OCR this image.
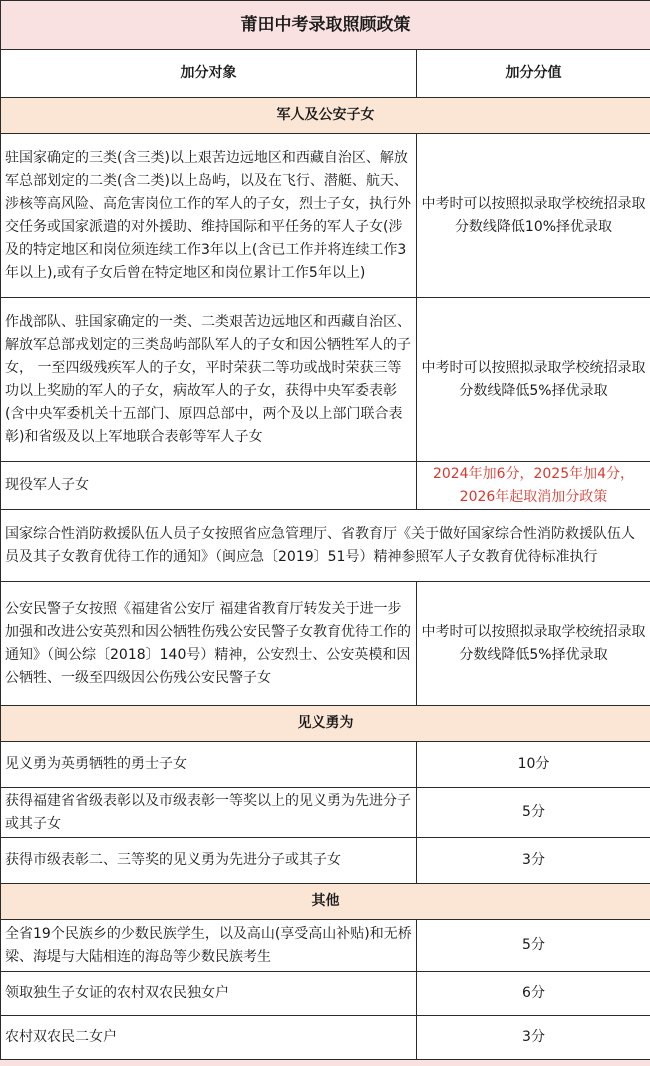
莆田中考录取照顾政策	
加分对象	加分分值
军人及公安子女	
驻国家确定的三类(含三类)以上艰苦边远地区和西藏自治区、解放军总部划定的二类(含二类)以上岛屿，以及在飞行、潜艇、航天、涉核等高风险、高危害岗位工作的军人的子女，烈士子女，执行外交任务或国家派遣的对外援助、维持国际和平任务的军人子女(涉及的特定地区和岗位须连续工作3年以上(含已工作并将连续工作3年以上),或有子女后曾在特定地区和岗位累计工作5年以上)	中考时可以按照拟录取学校统招录取分数线降低10%择优录取
作战部队、驻国家确定的一类、二类艰苦边远地区和西藏自治区、解放军总部戎划定的三类岛屿部队军人的子女和因公牺牲军人的子女， 一至四级残疾军人的子女，平时荣获二等功或战时荣获三等功以上奖励的军人的子女，病故军人的子女，获得中央军委表彰(含中央军委机关十五部门、原四总部中，两个及以上部门联合表彰)和省级及以上军地联合表彰等军人子女	中考时可以按照拟录取学校统招录取分数线降低5%择优录取
现役军人子女	2024年加6分，2025年加4分，2026年起取消加分政策
国家综合性消防救援队伍人员子女按照省应急管理厅、省教育厅《关于做好国家综合性消防救援队伍人员及其子女教育优待工作的通知》（闽应急〔2019〕51号）精神参照军人子女教育优待标准执行	
公安民警子女按照《福建省公安厅 福建省教育厅转发关于进一步加强和改进公安英烈和因公牺牲伤残公安民警子女教育优待工作的通知》（闽公综〔2018〕140号）精神，公安烈士、公安英模和因公牺牲、一级至四级因公伤残公安民警子女	中考时可以按照拟录取学校统招录取分数线降低5%择优录取
见义勇为	
见义勇为英勇牺牲的勇士子女	10分
获得福建省省级表彰以及市级表彰一等奖以上的见义勇为先进分子或其子女	5分
获得市级表彰二、三等奖的见义勇为先进分子或其子女	3分
其他	
全省19个民族乡的少数民族学生，以及高山(享受高山补贴)和无桥梁、海堤与大陆相连的海岛等少数民族考生	5分
领取独生子女证的农村双农民独女户	6分
农村双农民二女户	3分
